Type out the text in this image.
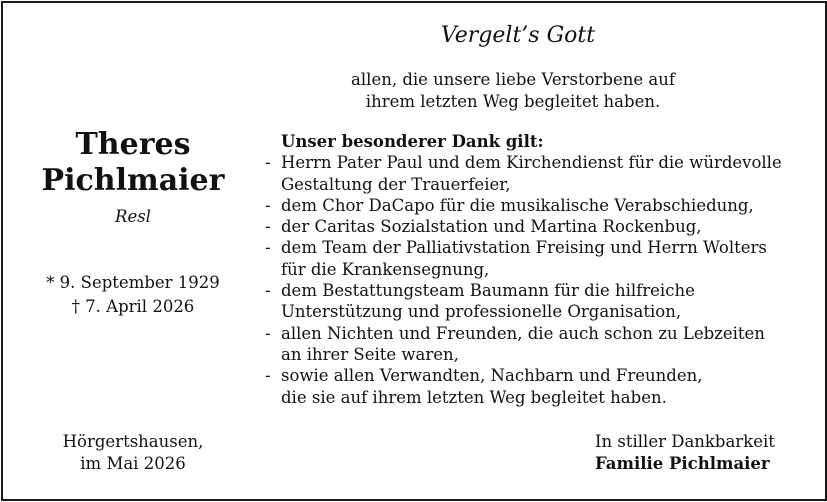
Vergelt’s Gott
allen, die unsere liebe Verstorbene auf
ihrem letzten Weg begleitet haben.
Theres
Pichlmaier
Resl
* 9. September 1929
† 7. April 2026
Unser besonderer Dank gilt:
- Herrn Pater Paul und dem Kirchendienst für die würdevolle
Gestaltung der Trauerfeier,
- dem Chor DaCapo für die musikalische Verabschiedung,
- der Caritas Sozialstation und Martina Rockenbug,
- dem Team der Palliativstation Freising und Herrn Wolters
für die Krankensegnung,
- dem Bestattungsteam Baumann für die hilfreiche
Unterstützung und professionelle Organisation,
- allen Nichten und Freunden, die auch schon zu Lebzeiten
an ihrer Seite waren,
- sowie allen Verwandten, Nachbarn und Freunden,
die sie auf ihrem letzten Weg begleitet haben.
Hörgertshausen,
im Mai 2026
In stiller Dankbarkeit
Familie Pichlmaier
